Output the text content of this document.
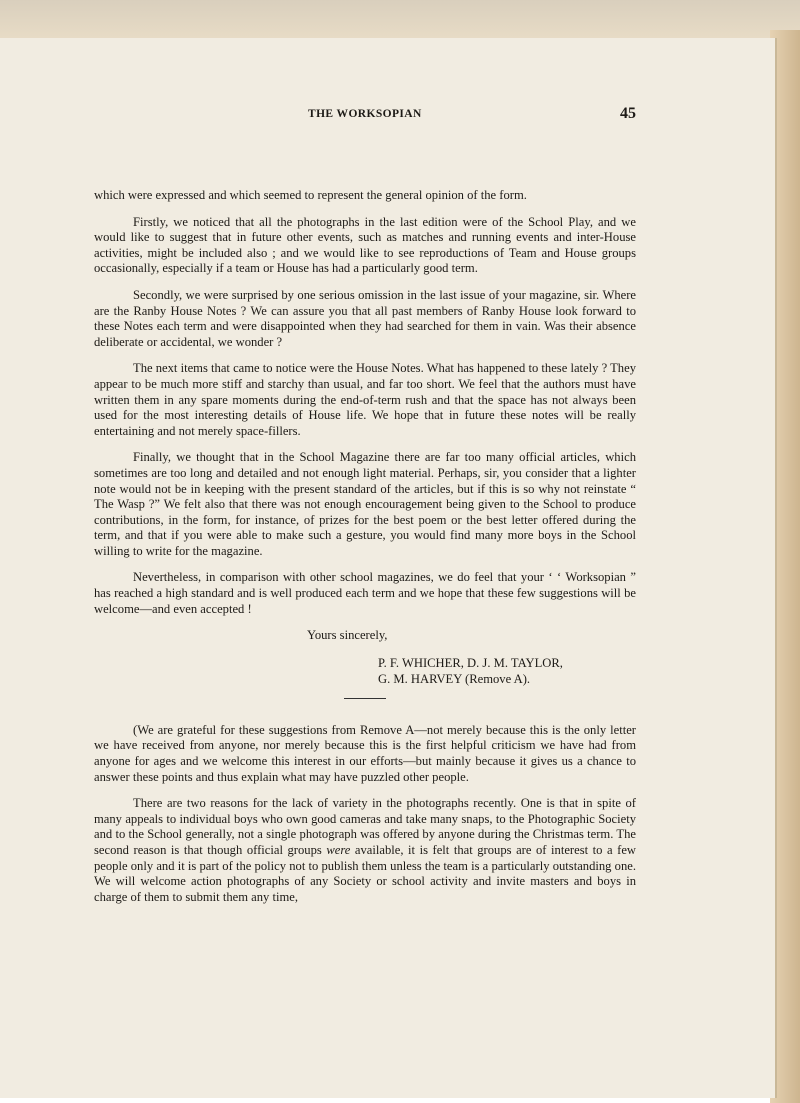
THE WORKSOPIAN	45

which were expressed and which seemed to represent the general opinion of the form.

Firstly, we noticed that all the photographs in the last edition were of the School Play, and we would like to suggest that in future other events, such as matches and running events and inter-House activities, might be included also ; and we would like to see reproductions of Team and House groups occasionally, especially if a team or House has had a particularly good term.

Secondly, we were surprised by one serious omission in the last issue of your magazine, sir. Where are the Ranby House Notes ? We can assure you that all past members of Ranby House look forward to these Notes each term and were disappointed when they had searched for them in vain. Was their absence deliberate or accidental, we wonder ?

The next items that came to notice were the House Notes. What has happened to these lately ? They appear to be much more stiff and starchy than usual, and far too short. We feel that the authors must have written them in any spare moments during the end-of-term rush and that the space has not always been used for the most interesting details of House life. We hope that in future these notes will be really entertaining and not merely space-fillers.

Finally, we thought that in the School Magazine there are far too many official articles, which sometimes are too long and detailed and not enough light material. Perhaps, sir, you consider that a lighter note would not be in keeping with the present standard of the articles, but if this is so why not reinstate “ The Wasp ?” We felt also that there was not enough encouragement being given to the School to produce contributions, in the form, for instance, of prizes for the best poem or the best letter offered during the term, and that if you were able to make such a gesture, you would find many more boys in the School willing to write for the magazine.

Nevertheless, in comparison with other school magazines, we do feel that your ‘ ‘ Worksopian ” has reached a high standard and is well produced each term and we hope that these few suggestions will be welcome—and even accepted !

Yours sincerely,

P. F. WHICHER, D. J. M. TAYLOR,
G. M. HARVEY (Remove A).

(We are grateful for these suggestions from Remove A—not merely because this is the only letter we have received from anyone, nor merely because this is the first helpful criticism we have had from anyone for ages and we welcome this interest in our efforts—but mainly because it gives us a chance to answer these points and thus explain what may have puzzled other people.

There are two reasons for the lack of variety in the photographs recently. One is that in spite of many appeals to individual boys who own good cameras and take many snaps, to the Photographic Society and to the School generally, not a single photograph was offered by anyone during the Christmas term. The second reason is that though official groups were available, it is felt that groups are of interest to a few people only and it is part of the policy not to publish them unless the team is a particularly outstanding one. We will welcome action photographs of any Society or school activity and invite masters and boys in charge of them to submit them any time,
